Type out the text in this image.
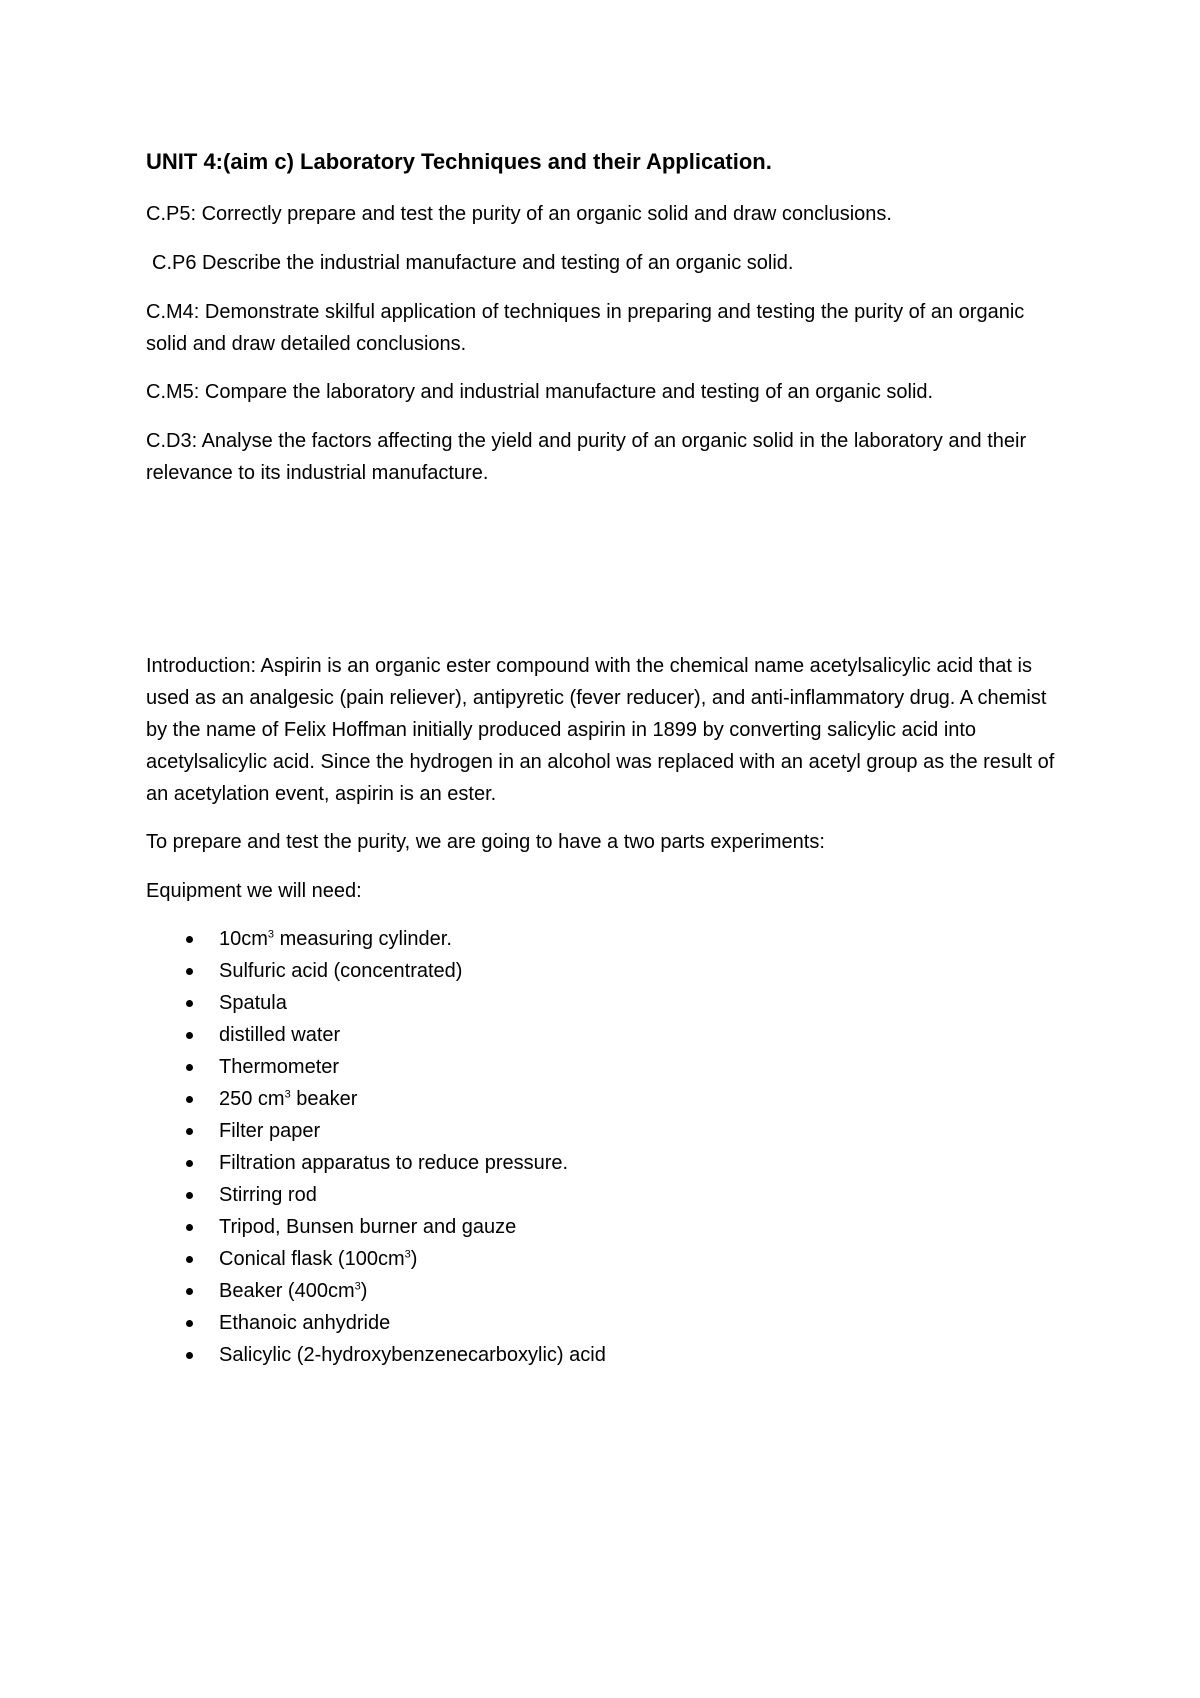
UNIT 4:(aim c) Laboratory Techniques and their Application.

C.P5: Correctly prepare and test the purity of an organic solid and draw conclusions.

C.P6 Describe the industrial manufacture and testing of an organic solid.

C.M4: Demonstrate skilful application of techniques in preparing and testing the purity of an organic solid and draw detailed conclusions.

C.M5: Compare the laboratory and industrial manufacture and testing of an organic solid.

C.D3: Analyse the factors affecting the yield and purity of an organic solid in the laboratory and their relevance to its industrial manufacture.

Introduction: Aspirin is an organic ester compound with the chemical name acetylsalicylic acid that is used as an analgesic (pain reliever), antipyretic (fever reducer), and anti-inflammatory drug. A chemist by the name of Felix Hoffman initially produced aspirin in 1899 by converting salicylic acid into acetylsalicylic acid. Since the hydrogen in an alcohol was replaced with an acetyl group as the result of an acetylation event, aspirin is an ester.

To prepare and test the purity, we are going to have a two parts experiments:

Equipment we will need:

$10cm^3$ measuring cylinder.
Sulfuric acid (concentrated)
Spatula
distilled water
Thermometer
250 $cm^3$ beaker
Filter paper
Filtration apparatus to reduce pressure.
Stirring rod
Tripod, Bunsen burner and gauze
Conical flask $(100cm^3)$
Beaker $(400cm^3)$
Ethanoic anhydride
Salicylic (2-hydroxybenzenecarboxylic) acid
